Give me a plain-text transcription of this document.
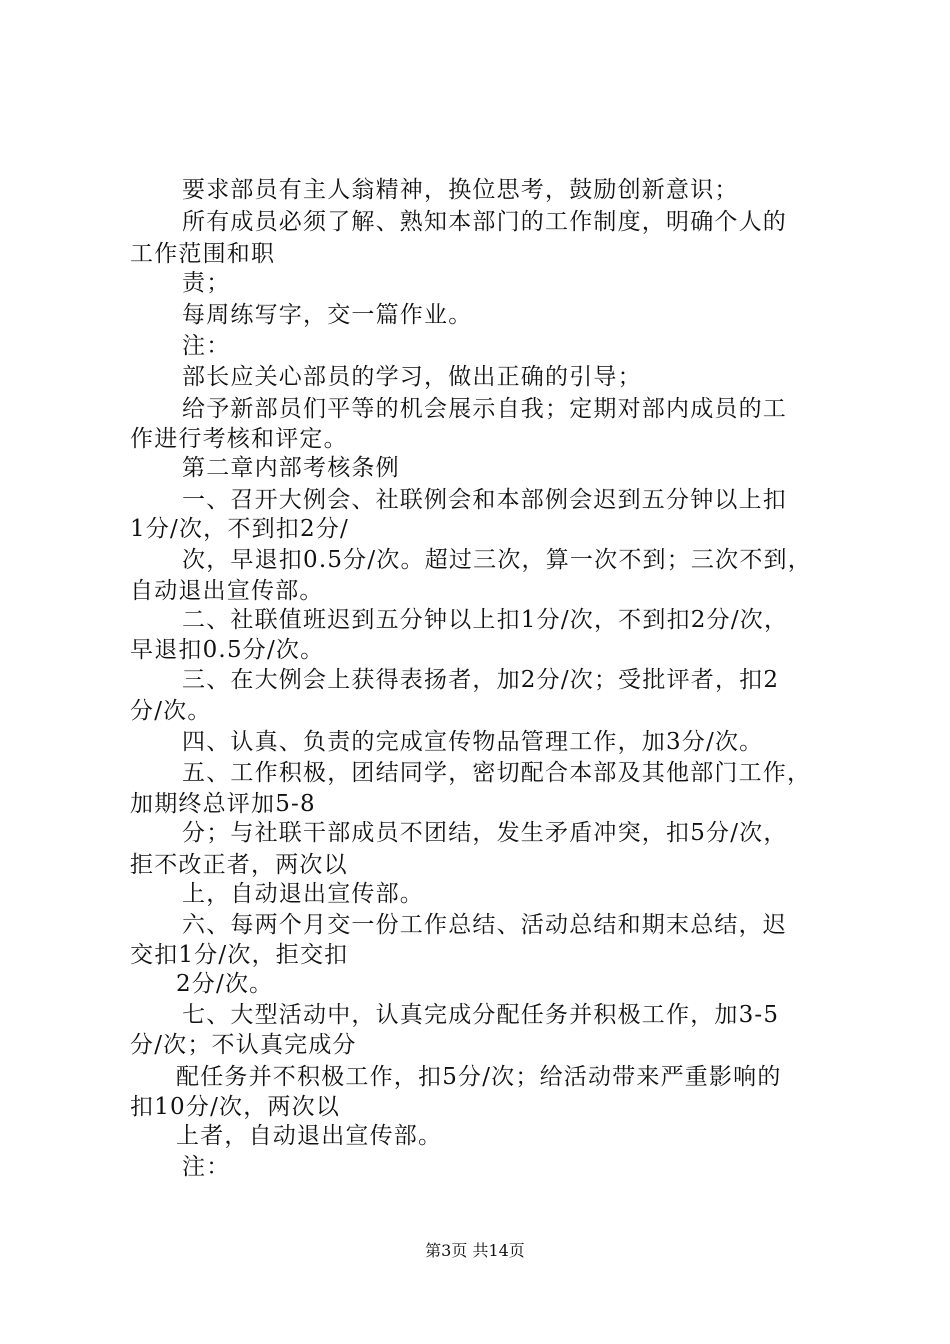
要求部员有主人翁精神，换位思考，鼓励创新意识；
所有成员必须了解、熟知本部门的工作制度，明确个人的
工作范围和职
责；
每周练写字，交一篇作业。
注：
部长应关心部员的学习，做出正确的引导；
给予新部员们平等的机会展示自我；定期对部内成员的工
作进行考核和评定。
第二章内部考核条例
一、召开大例会、社联例会和本部例会迟到五分钟以上扣
1分/次，不到扣2分/
次，早退扣0.5分/次。超过三次，算一次不到；三次不到，
自动退出宣传部。
二、社联值班迟到五分钟以上扣1分/次，不到扣2分/次，
早退扣0.5分/次。
三、在大例会上获得表扬者，加2分/次；受批评者，扣2
分/次。
四、认真、负责的完成宣传物品管理工作，加3分/次。
五、工作积极，团结同学，密切配合本部及其他部门工作，
加期终总评加5-8
分；与社联干部成员不团结，发生矛盾冲突，扣5分/次，
拒不改正者，两次以
上，自动退出宣传部。
六、每两个月交一份工作总结、活动总结和期末总结，迟
交扣1分/次，拒交扣
2分/次。
七、大型活动中，认真完成分配任务并积极工作，加3-5
分/次；不认真完成分
配任务并不积极工作，扣5分/次；给活动带来严重影响的
扣10分/次，两次以
上者，自动退出宣传部。
注：
第3页 共14页
